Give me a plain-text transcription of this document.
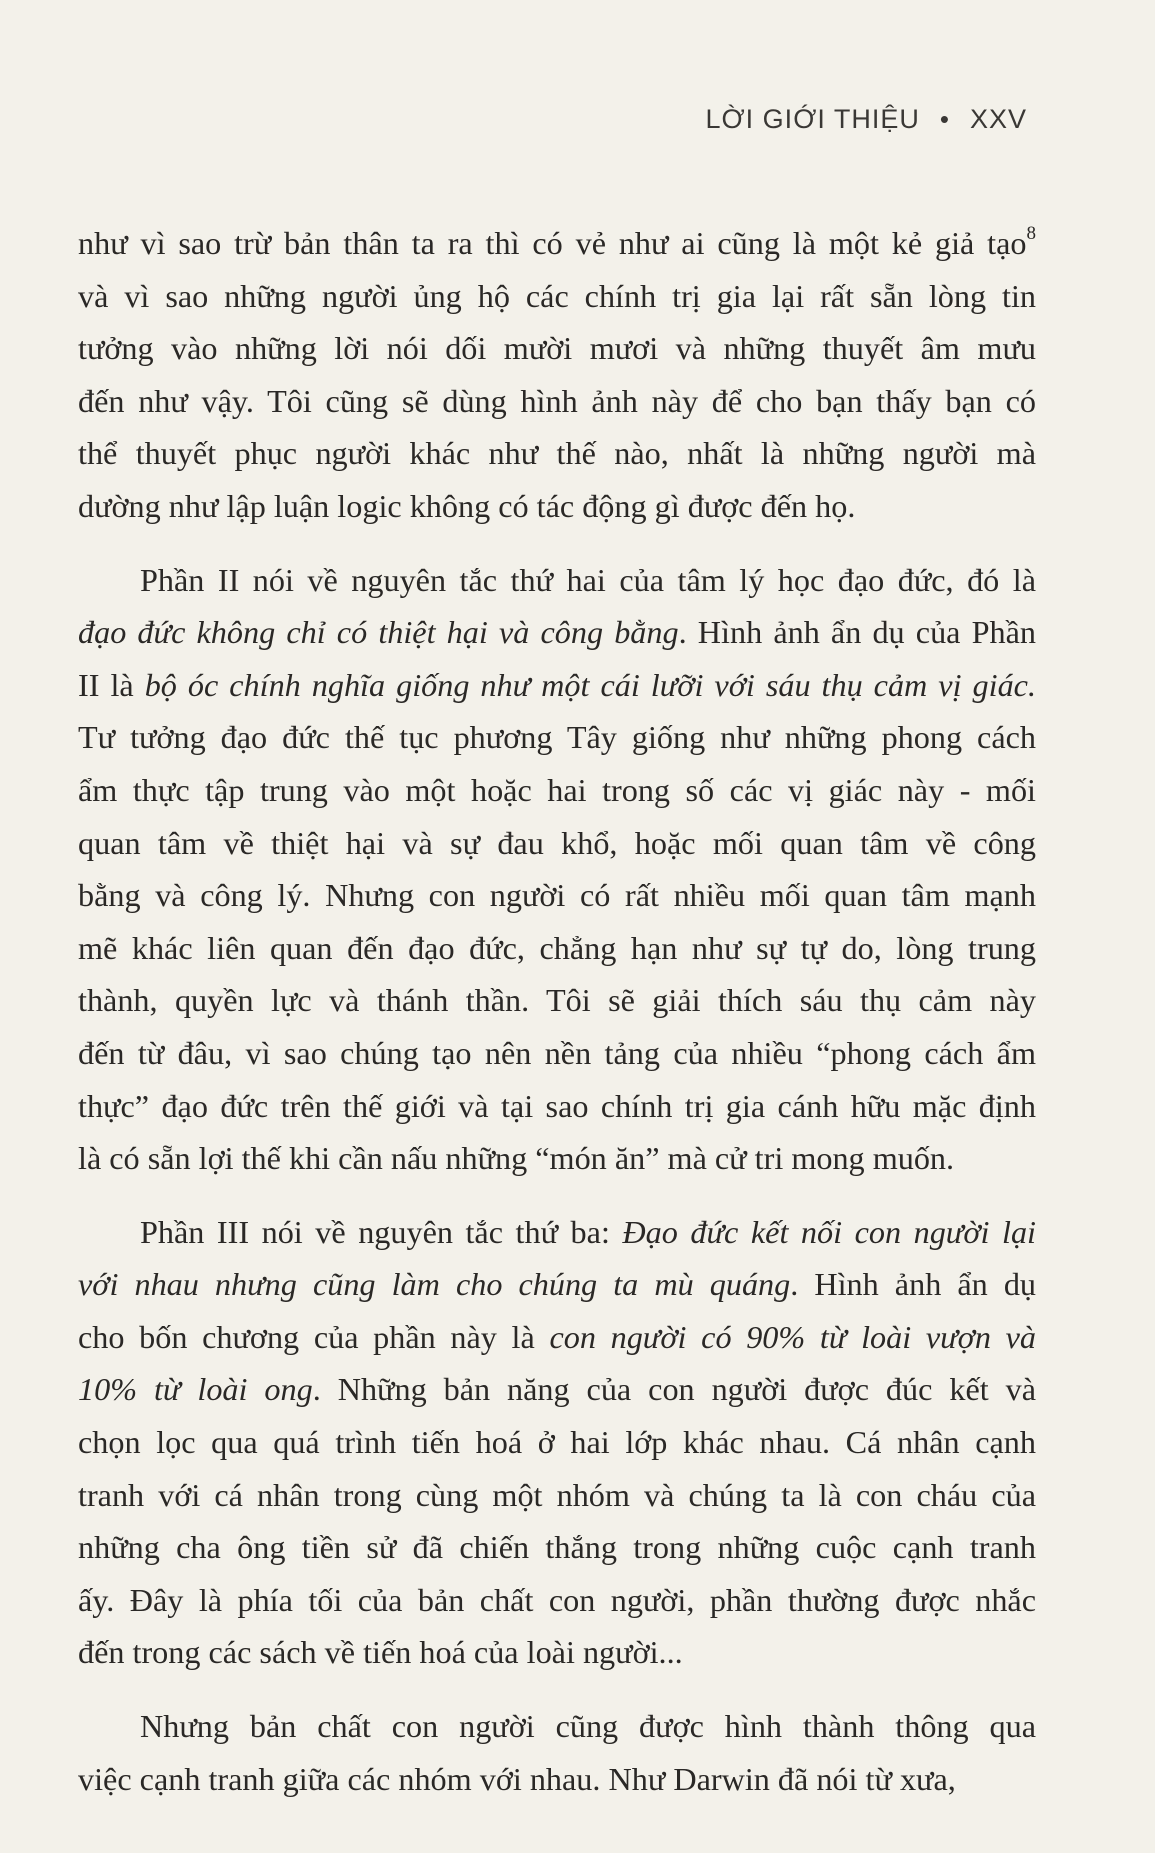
LỜI GIỚI THIỆU • XXV
như vì sao trừ bản thân ta ra thì có vẻ như ai cũng là một kẻ giả tạo$^8$
và vì sao những người ủng hộ các chính trị gia lại rất sẵn lòng tin
tưởng vào những lời nói dối mười mươi và những thuyết âm mưu
đến như vậy. Tôi cũng sẽ dùng hình ảnh này để cho bạn thấy bạn có
thể thuyết phục người khác như thế nào, nhất là những người mà
dường như lập luận logic không có tác động gì được đến họ.
Phần II nói về nguyên tắc thứ hai của tâm lý học đạo đức, đó là
đạo đức không chỉ có thiệt hại và công bằng. Hình ảnh ẩn dụ của Phần
II là bộ óc chính nghĩa giống như một cái lưỡi với sáu thụ cảm vị giác.
Tư tưởng đạo đức thế tục phương Tây giống như những phong cách
ẩm thực tập trung vào một hoặc hai trong số các vị giác này - mối
quan tâm về thiệt hại và sự đau khổ, hoặc mối quan tâm về công
bằng và công lý. Nhưng con người có rất nhiều mối quan tâm mạnh
mẽ khác liên quan đến đạo đức, chẳng hạn như sự tự do, lòng trung
thành, quyền lực và thánh thần. Tôi sẽ giải thích sáu thụ cảm này
đến từ đâu, vì sao chúng tạo nên nền tảng của nhiều “phong cách ẩm
thực” đạo đức trên thế giới và tại sao chính trị gia cánh hữu mặc định
là có sẵn lợi thế khi cần nấu những “món ăn” mà cử tri mong muốn.
Phần III nói về nguyên tắc thứ ba: Đạo đức kết nối con người lại
với nhau nhưng cũng làm cho chúng ta mù quáng. Hình ảnh ẩn dụ
cho bốn chương của phần này là con người có 90% từ loài vượn và
10% từ loài ong. Những bản năng của con người được đúc kết và
chọn lọc qua quá trình tiến hoá ở hai lớp khác nhau. Cá nhân cạnh
tranh với cá nhân trong cùng một nhóm và chúng ta là con cháu của
những cha ông tiền sử đã chiến thắng trong những cuộc cạnh tranh
ấy. Đây là phía tối của bản chất con người, phần thường được nhắc
đến trong các sách về tiến hoá của loài người...
Nhưng bản chất con người cũng được hình thành thông qua
việc cạnh tranh giữa các nhóm với nhau. Như Darwin đã nói từ xưa,
